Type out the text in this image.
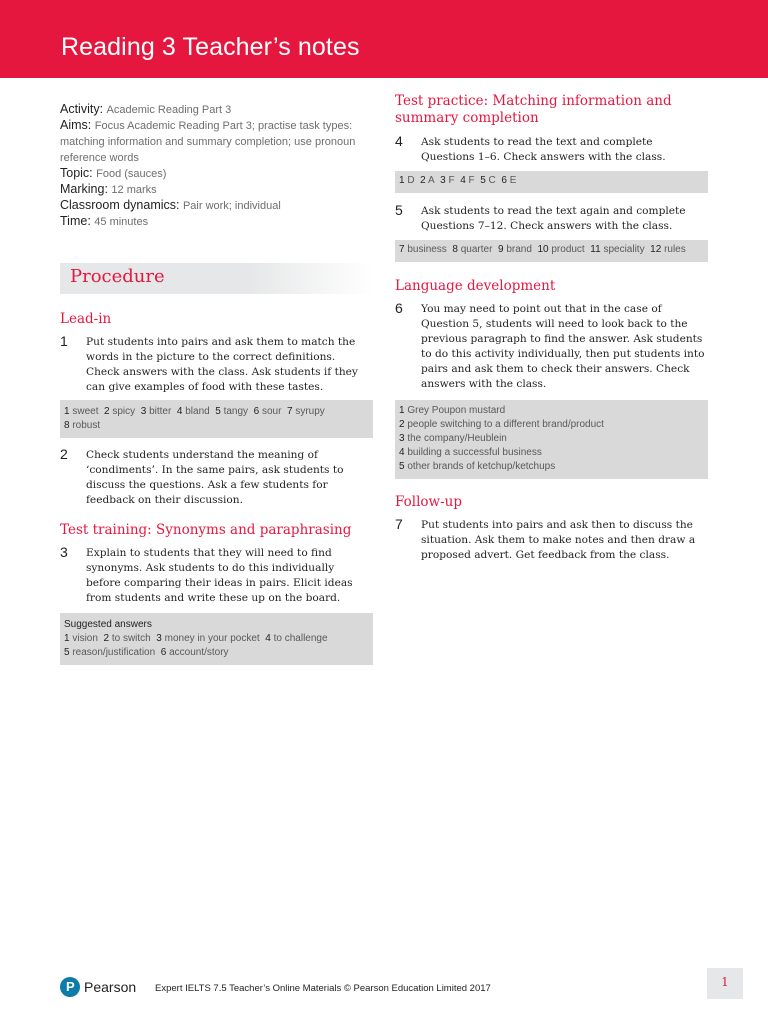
Reading 3 Teacher’s notes
Activity: Academic Reading Part 3
Aims: Focus Academic Reading Part 3; practise task types: matching information and summary completion; use pronoun reference words
Topic: Food (sauces)
Marking: 12 marks
Classroom dynamics: Pair work; individual
Time: 45 minutes
Procedure
Lead-in
1 Put students into pairs and ask them to match the words in the picture to the correct definitions. Check answers with the class. Ask students if they can give examples of food with these tastes.
1 sweet 2 spicy 3 bitter 4 bland 5 tangy 6 sour 7 syrupy
8 robust
2 Check students understand the meaning of ‘condiments’. In the same pairs, ask students to discuss the questions. Ask a few students for feedback on their discussion.
Test training: Synonyms and paraphrasing
3 Explain to students that they will need to find synonyms. Ask students to do this individually before comparing their ideas in pairs. Elicit ideas from students and write these up on the board.
Suggested answers
1 vision 2 to switch 3 money in your pocket 4 to challenge
5 reason/justification 6 account/story
Test practice: Matching information and
summary completion
4 Ask students to read the text and complete Questions 1–6. Check answers with the class.
1 D 2 A 3 F 4 F 5 C 6 E
5 Ask students to read the text again and complete Questions 7–12. Check answers with the class.
7 business 8 quarter 9 brand 10 product 11 speciality 12 rules
Language development
6 You may need to point out that in the case of Question 5, students will need to look back to the previous paragraph to find the answer. Ask students to do this activity individually, then put students into pairs and ask them to check their answers. Check answers with the class.
1 Grey Poupon mustard
2 people switching to a different brand/product
3 the company/Heublein
4 building a successful business
5 other brands of ketchup/ketchups
Follow-up
7 Put students into pairs and ask then to discuss the situation. Ask them to make notes and then draw a proposed advert. Get feedback from the class.
P Pearson Expert IELTS 7.5 Teacher’s Online Materials © Pearson Education Limited 2017	1
